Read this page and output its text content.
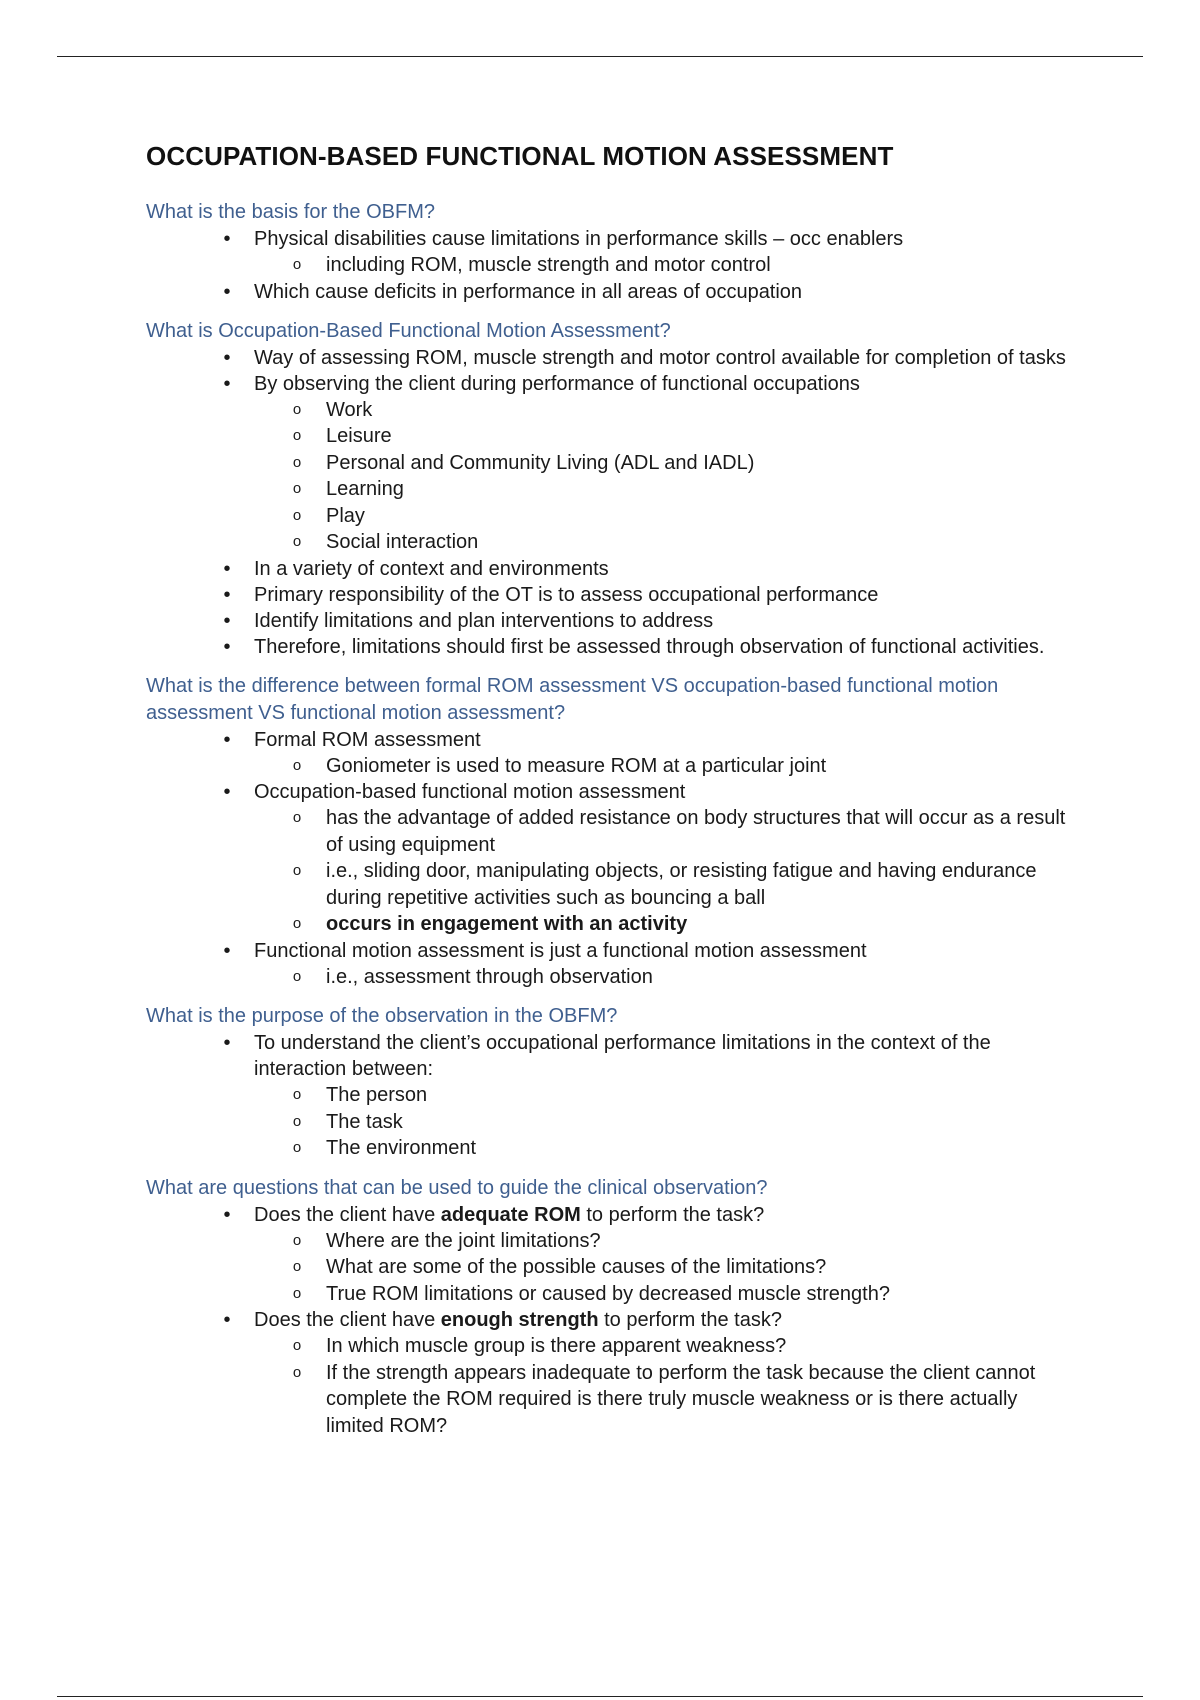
OCCUPATION-BASED FUNCTIONAL MOTION ASSESSMENT

What is the basis for the OBFM?

• Physical disabilities cause limitations in performance skills – occ enablers
o including ROM, muscle strength and motor control
• Which cause deficits in performance in all areas of occupation

What is Occupation-Based Functional Motion Assessment?

• Way of assessing ROM, muscle strength and motor control available for completion of tasks
• By observing the client during performance of functional occupations
o Work
o Leisure
o Personal and Community Living (ADL and IADL)
o Learning
o Play
o Social interaction
• In a variety of context and environments
• Primary responsibility of the OT is to assess occupational performance
• Identify limitations and plan interventions to address
• Therefore, limitations should first be assessed through observation of functional activities.

What is the difference between formal ROM assessment VS occupation-based functional motion assessment VS functional motion assessment?

• Formal ROM assessment
o Goniometer is used to measure ROM at a particular joint
• Occupation-based functional motion assessment
o has the advantage of added resistance on body structures that will occur as a result of using equipment
o i.e., sliding door, manipulating objects, or resisting fatigue and having endurance during repetitive activities such as bouncing a ball
o occurs in engagement with an activity
• Functional motion assessment is just a functional motion assessment
o i.e., assessment through observation

What is the purpose of the observation in the OBFM?

• To understand the client’s occupational performance limitations in the context of the interaction between:
o The person
o The task
o The environment

What are questions that can be used to guide the clinical observation?

• Does the client have adequate ROM to perform the task?
o Where are the joint limitations?
o What are some of the possible causes of the limitations?
o True ROM limitations or caused by decreased muscle strength?
• Does the client have enough strength to perform the task?
o In which muscle group is there apparent weakness?
o If the strength appears inadequate to perform the task because the client cannot complete the ROM required is there truly muscle weakness or is there actually limited ROM?
